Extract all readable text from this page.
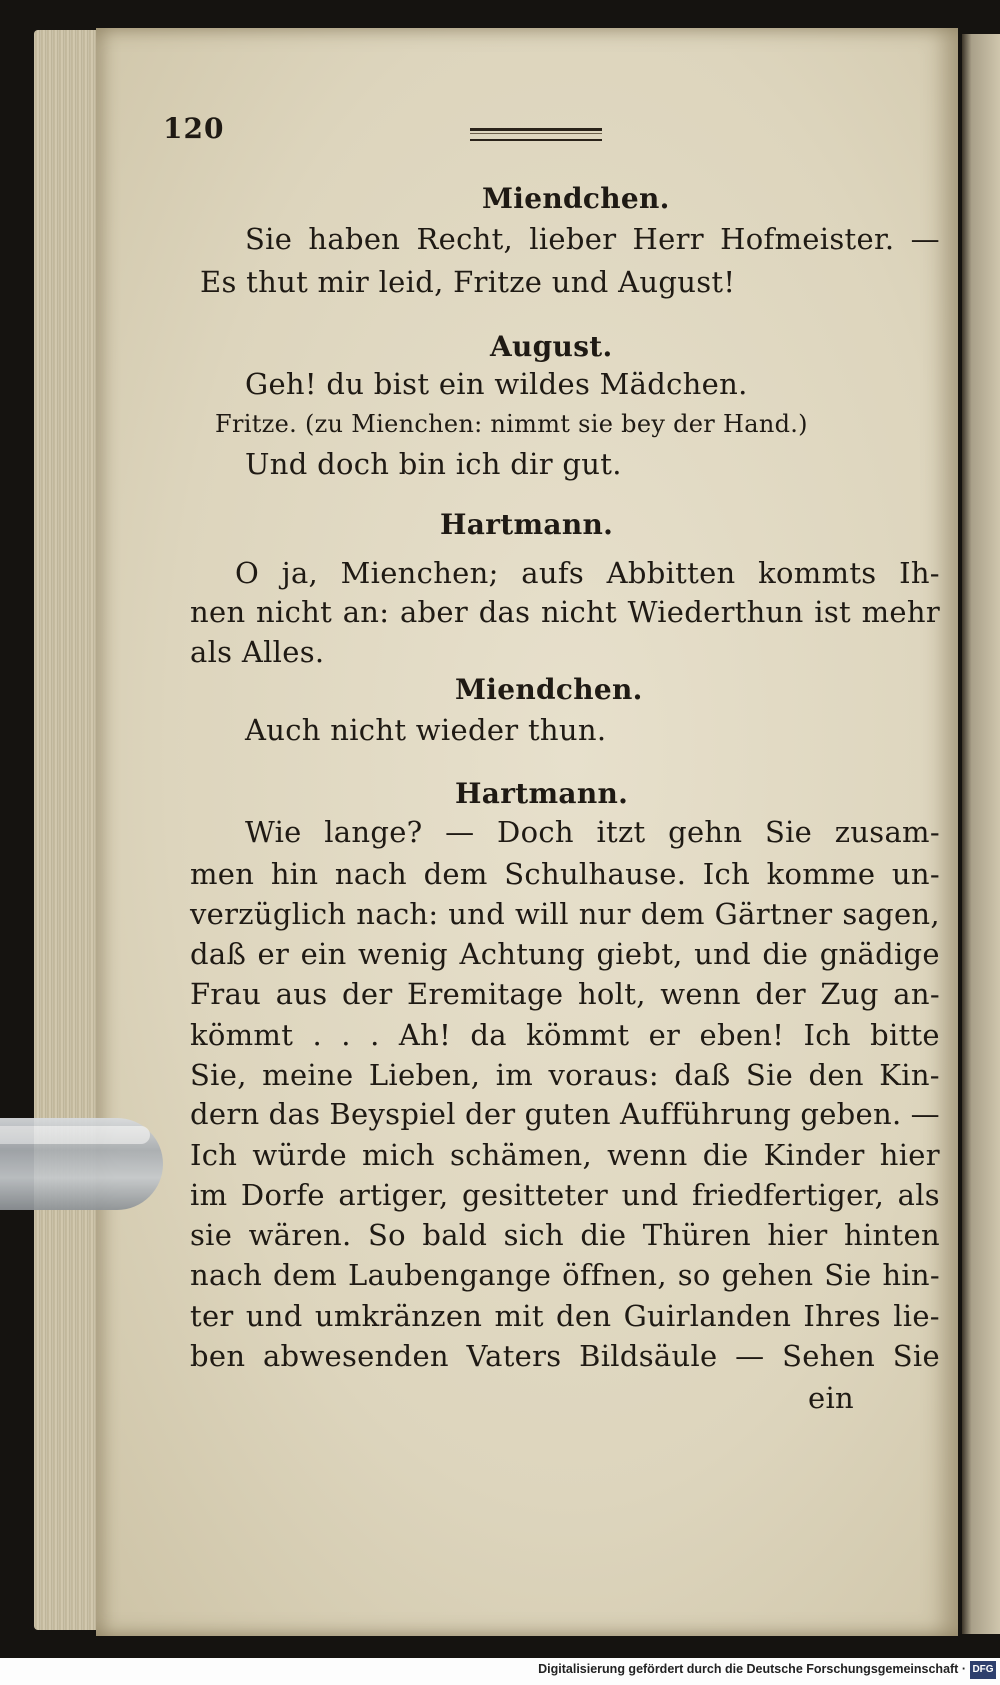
120
Miendchen.
Sie haben Recht, lieber Herr Hofmeister. —
Es thut mir leid, Fritze und August!
August.
Geh! du bist ein wildes Mädchen.
Fritze. (zu Mienchen: nimmt sie bey der Hand.)
Und doch bin ich dir gut.
Hartmann.
O ja, Mienchen; aufs Abbitten kommts Ih-
nen nicht an: aber das nicht Wiederthun ist mehr
als Alles.
Miendchen.
Auch nicht wieder thun.
Hartmann.
Wie lange? — Doch itzt gehn Sie zusam-
men hin nach dem Schulhause. Ich komme un-
verzüglich nach: und will nur dem Gärtner sagen,
daß er ein wenig Achtung giebt, und die gnädige
Frau aus der Eremitage holt, wenn der Zug an-
kömmt . . . Ah! da kömmt er eben! Ich bitte
Sie, meine Lieben, im voraus: daß Sie den Kin-
dern das Beyspiel der guten Aufführung geben. —
Ich würde mich schämen, wenn die Kinder hier
im Dorfe artiger, gesitteter und friedfertiger, als
sie wären. So bald sich die Thüren hier hinten
nach dem Laubengange öffnen, so gehen Sie hin-
ter und umkränzen mit den Guirlanden Ihres lie-
ben abwesenden Vaters Bildsäule — Sehen Sie
ein
Digitalisierung gefördert durch die Deutsche Forschungsgemeinschaft · DFG
